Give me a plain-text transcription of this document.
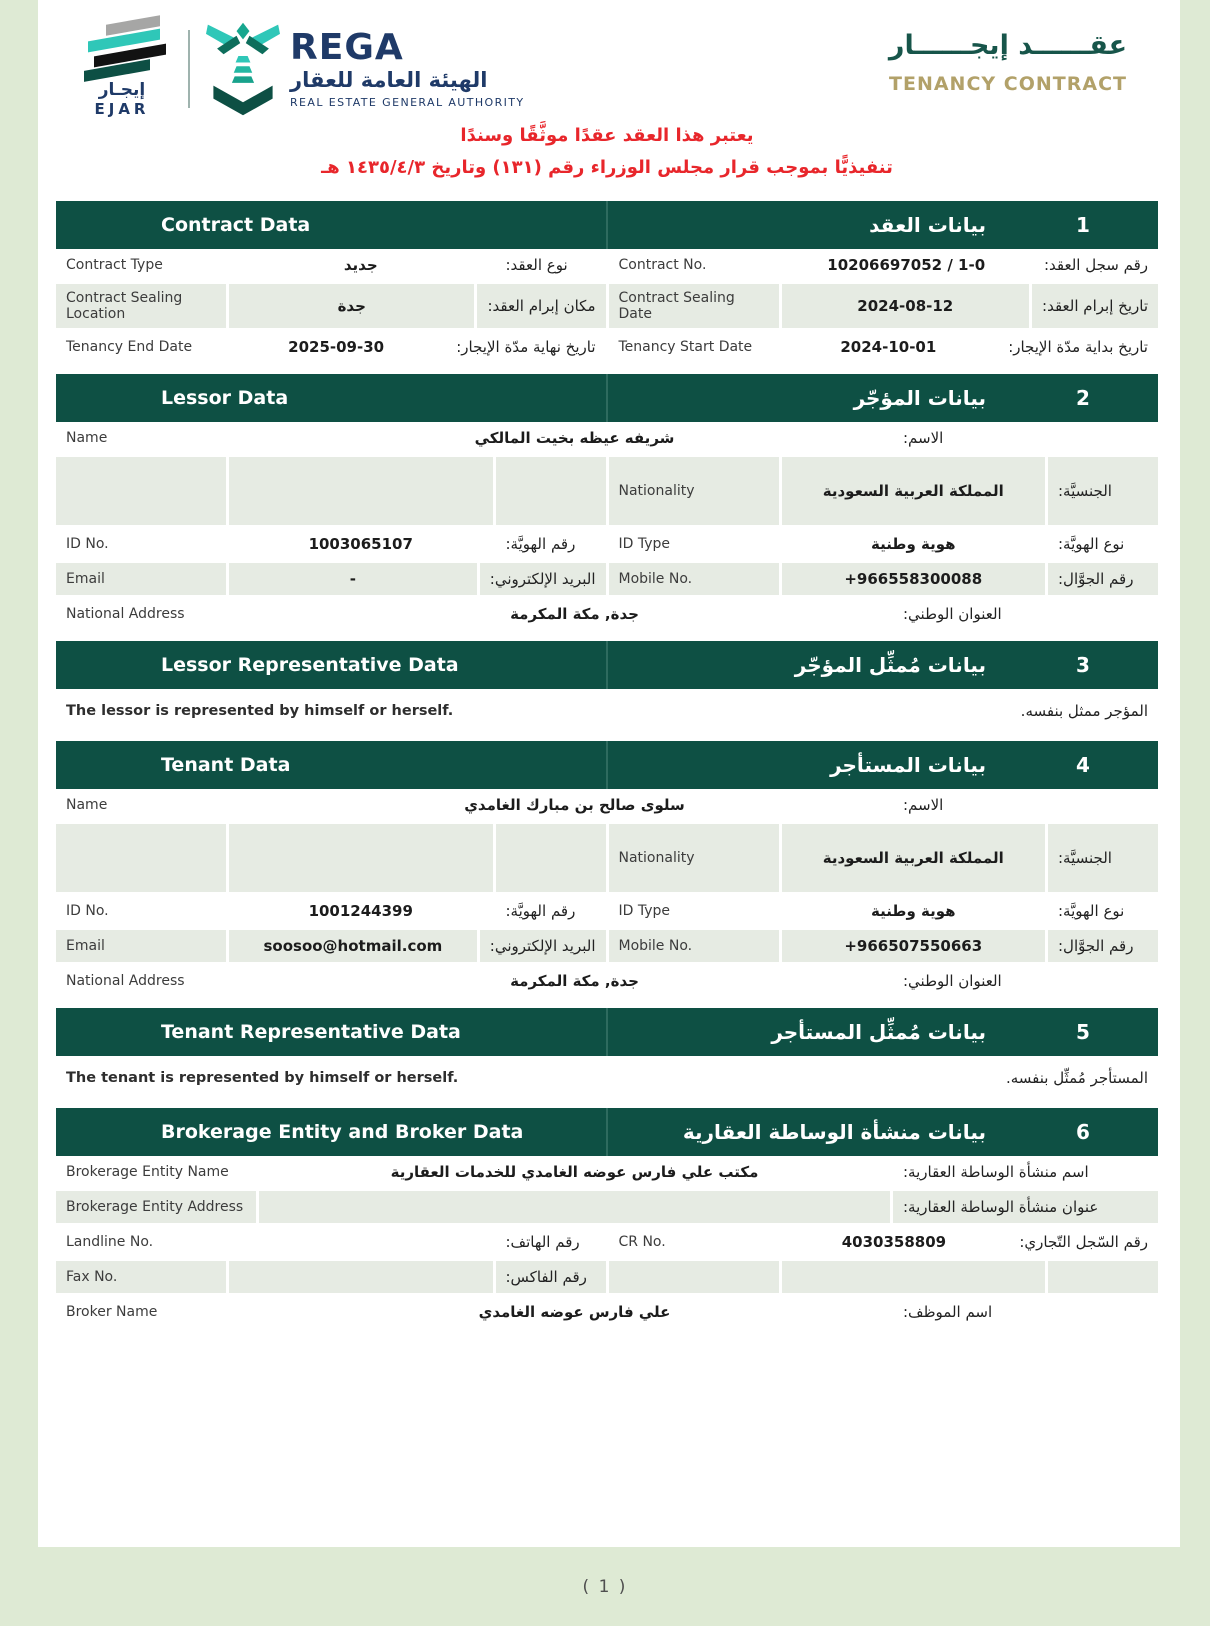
إيجـار
EJAR
REGA
الهيئة العامة للعقار
REAL ESTATE GENERAL AUTHORITY
عقــــــد إيجــــــار
TENANCY CONTRACT
يعتبر هذا العقد عقدًا موثَّقًا وسندًا
تنفيذيًّا بموجب قرار مجلس الوزراء رقم (١٣١) وتاريخ ١٤٣٥/٤/٣ هـ
Contract Data	بيانات العقد	1
Contract Type	جديد	نوع العقد:	Contract No.	10206697052 / 1-0	رقم سجل العقد:
Contract Sealing Location	جدة	مكان إبرام العقد:	Contract Sealing Date	2024-08-12	تاريخ إبرام العقد:
Tenancy End Date	2025-09-30	تاريخ نهاية مدّة الإيجار:	Tenancy Start Date	2024-10-01	تاريخ بداية مدّة الإيجار:
Lessor Data	بيانات المؤجّر	2
Name	شريفه عيظه بخيت المالكي	الاسم:
Nationality	المملكة العربية السعودية	الجنسيَّة:
ID No.	1003065107	رقم الهويَّة:	ID Type	هوية وطنية	نوع الهويَّة:
Email	-	البريد الإلكتروني:	Mobile No.	+966558300088	رقم الجوَّال:
National Address	جدة, مكة المكرمة	العنوان الوطني:
Lessor Representative Data	بيانات مُمثِّل المؤجّر	3
The lessor is represented by himself or herself.	المؤجر ممثل بنفسه.
Tenant Data	بيانات المستأجر	4
Name	سلوى صالح بن مبارك الغامدي	الاسم:
Nationality	المملكة العربية السعودية	الجنسيَّة:
ID No.	1001244399	رقم الهويَّة:	ID Type	هوية وطنية	نوع الهويَّة:
Email	soosoo@hotmail.com	البريد الإلكتروني:	Mobile No.	+966507550663	رقم الجوَّال:
National Address	جدة, مكة المكرمة	العنوان الوطني:
Tenant Representative Data	بيانات مُمثِّل المستأجر	5
The tenant is represented by himself or herself.	المستأجر مُمثِّل بنفسه.
Brokerage Entity and Broker Data	بيانات منشأة الوساطة العقارية	6
Brokerage Entity Name	مكتب علي فارس عوضه الغامدي للخدمات العقارية	اسم منشأة الوساطة العقارية:
Brokerage Entity Address	عنوان منشأة الوساطة العقارية:
Landline No.	رقم الهاتف:	CR No.	4030358809	رقم السّجل التّجاري:
Fax No.	رقم الفاكس:
Broker Name	علي فارس عوضه الغامدي	اسم الموظف:
( 1 )
